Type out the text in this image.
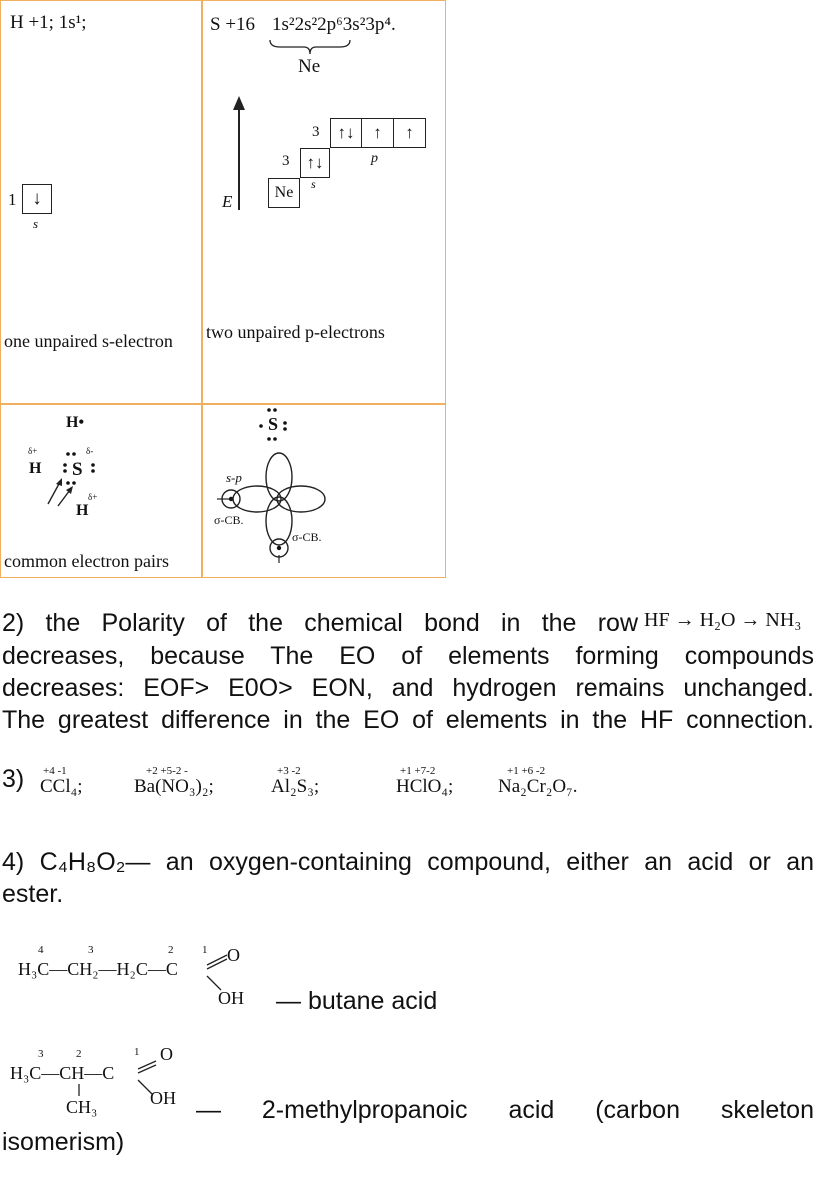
H +1; 1s¹;
1 ↓
s
one unpaired s-electron
S +16 1s²2s²2p⁶3s²3p⁴.
Ne
E	Ne	s
3	↑↓
3	↑↓	↑	↑
p
two unpaired p-electrons
H•
δ+	δ-
H S
δ+
H
common electron pairs
S
s-p
σ-CB.
σ-CB.
2) the Polarity of the chemical bond in the row HF → H₂O → NH₃
decreases, because The EO of elements forming compounds
decreases: EOF> E0O> EON, and hydrogen remains unchanged.
The greatest difference in the EO of elements in the HF connection.
3) +4 -1
CCl₄;
+2 +5-2 -
Ba(NO₃)₂;
+3 -2
Al₂S₃;
+1 +7-2
HClO₄;
+1 +6 -2
Na₂Cr₂O₇.
4) C₄H₈O₂— an oxygen-containing compound, either an acid or an
ester.
4	3	2	1
H₃C—CH₂—H₂C—C
O
OH — butane acid
3	2	1
H₃C—CH—C
O
OH
CH₃	— 2-methylpropanoic acid (carbon skeleton
isomerism)
